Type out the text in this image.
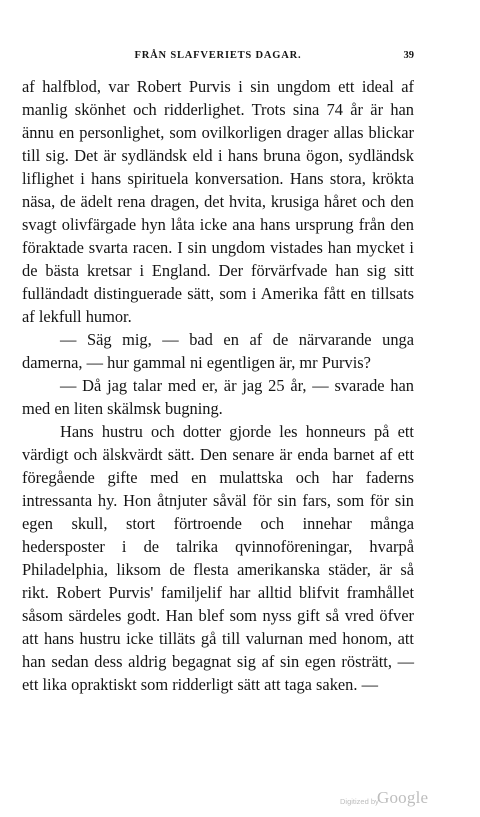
FRÅN SLAFVERIETS DAGAR.	39

af halfblod, var Robert Purvis i sin ungdom ett ideal af manlig skönhet och ridderlighet. Trots sina 74 år är han ännu en personlighet, som ovilkorligen drager allas blickar till sig. Det är sydländsk eld i hans bruna ögon, sydländsk liflighet i hans spirituela konversation. Hans stora, krökta näsa, de ädelt rena dragen, det hvita, krusiga håret och den svagt olivfärgade hyn låta icke ana hans ursprung från den föraktade svarta racen. I sin ungdom vistades han mycket i de bästa kretsar i England. Der förvärfvade han sig sitt fulländadt distinguerade sätt, som i Amerika fått en tillsats af lekfull humor.

— Säg mig, — bad en af de närvarande unga damerna, — hur gammal ni egentligen är, mr Purvis?

— Då jag talar med er, är jag 25 år, — svarade han med en liten skälmsk bugning.

Hans hustru och dotter gjorde les honneurs på ett värdigt och älskvärdt sätt. Den senare är enda barnet af ett föregående gifte med en mulattska och har faderns intressanta hy. Hon åtnjuter såväl för sin fars, som för sin egen skull, stort förtroende och innehar många hedersposter i de talrika qvinnoföreningar, hvarpå Philadelphia, liksom de flesta amerikanska städer, är så rikt. Robert Purvis' familjelif har alltid blifvit framhållet såsom särdeles godt. Han blef som nyss gift så vred öfver att hans hustru icke tilläts gå till valurnan med honom, att han sedan dess aldrig begagnat sig af sin egen rösträtt, — ett lika opraktiskt som ridderligt sätt att taga saken. —

Digitized by
Google
